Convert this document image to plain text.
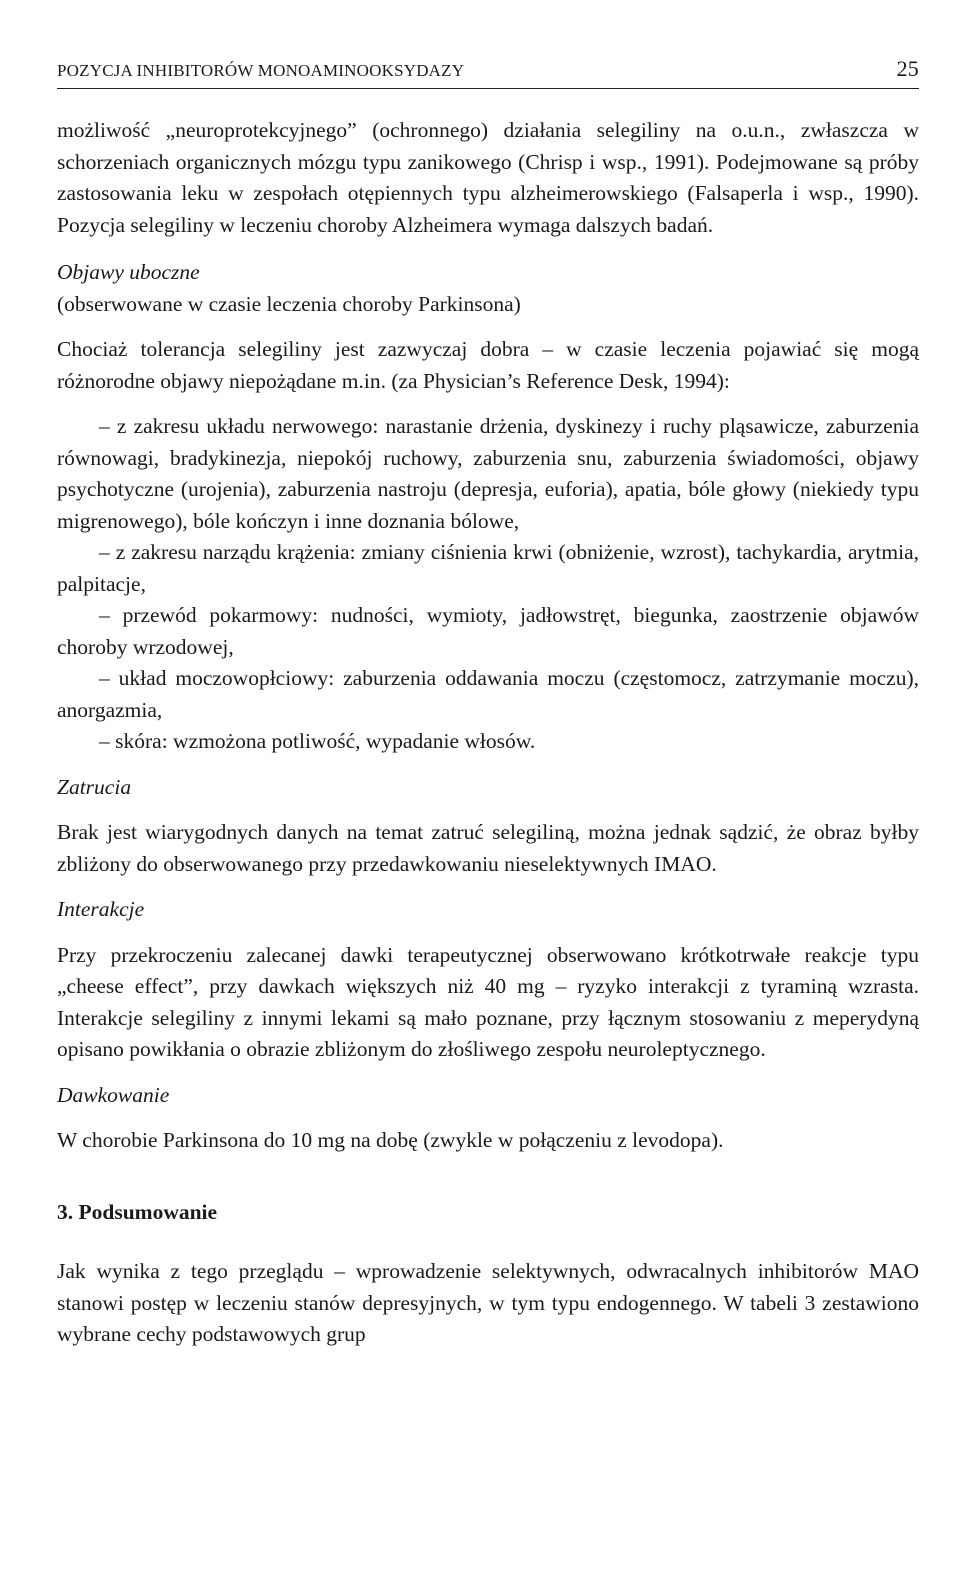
POZYCJA INHIBITORÓW MONOAMINOOKSYDAZY	25

możliwość „neuroprotekcyjnego” (ochronnego) działania selegiliny na o.u.n., zwłaszcza w schorzeniach organicznych mózgu typu zanikowego (Chrisp i wsp., 1991). Podejmowane są próby zastosowania leku w zespołach otępiennych typu alzheimerowskiego (Falsaperla i wsp., 1990). Pozycja selegiliny w leczeniu choroby Alzheimera wymaga dalszych badań.

Objawy uboczne

(obserwowane w czasie leczenia choroby Parkinsona)

Chociaż tolerancja selegiliny jest zazwyczaj dobra – w czasie leczenia pojawiać się mogą różnorodne objawy niepożądane m.in. (za Physician’s Reference Desk, 1994):

– z zakresu układu nerwowego: narastanie drżenia, dyskinezy i ruchy pląsawicze, zaburzenia równowagi, bradykinezja, niepokój ruchowy, zaburzenia snu, zaburzenia świadomości, objawy psychotyczne (urojenia), zaburzenia nastroju (depresja, euforia), apatia, bóle głowy (niekiedy typu migrenowego), bóle kończyn i inne doznania bólowe,

– z zakresu narządu krążenia: zmiany ciśnienia krwi (obniżenie, wzrost), tachykardia, arytmia, palpitacje,

– przewód pokarmowy: nudności, wymioty, jadłowstręt, biegunka, zaostrzenie objawów choroby wrzodowej,

– układ moczowopłciowy: zaburzenia oddawania moczu (częstomocz, zatrzymanie moczu), anorgazmia,

– skóra: wzmożona potliwość, wypadanie włosów.

Zatrucia

Brak jest wiarygodnych danych na temat zatruć selegiliną, można jednak sądzić, że obraz byłby zbliżony do obserwowanego przy przedawkowaniu nieselektywnych IMAO.

Interakcje

Przy przekroczeniu zalecanej dawki terapeutycznej obserwowano krótkotrwałe reakcje typu „cheese effect”, przy dawkach większych niż 40 mg – ryzyko interakcji z tyraminą wzrasta. Interakcje selegiliny z innymi lekami są mało poznane, przy łącznym stosowaniu z meperydyną opisano powikłania o obrazie zbliżonym do złośliwego zespołu neuroleptycznego.

Dawkowanie

W chorobie Parkinsona do 10 mg na dobę (zwykle w połączeniu z levodopa).

3. Podsumowanie

Jak wynika z tego przeglądu – wprowadzenie selektywnych, odwracalnych inhibitorów MAO stanowi postęp w leczeniu stanów depresyjnych, w tym typu endogennego. W tabeli 3 zestawiono wybrane cechy podstawowych grup
